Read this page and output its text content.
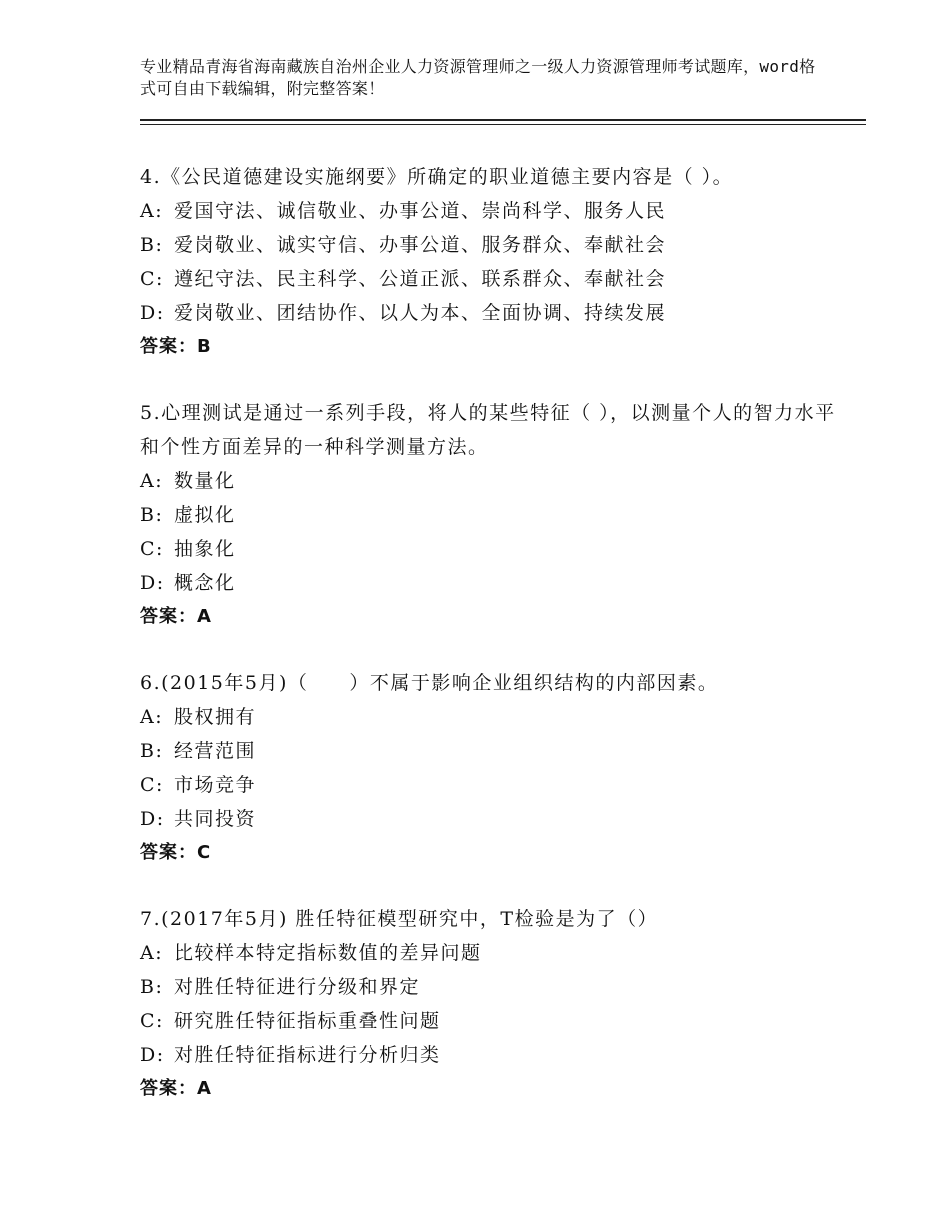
专业精品青海省海南藏族自治州企业人力资源管理师之一级人力资源管理师考试题库，word格式可自由下载编辑，附完整答案！
4.《公民道德建设实施纲要》所确定的职业道德主要内容是（ ）。
A: 爱国守法、诚信敬业、办事公道、崇尚科学、服务人民
B: 爱岗敬业、诚实守信、办事公道、服务群众、奉献社会
C: 遵纪守法、民主科学、公道正派、联系群众、奉献社会
D: 爱岗敬业、团结协作、以人为本、全面协调、持续发展
答案：B
5.心理测试是通过一系列手段，将人的某些特征（ ），以测量个人的智力水平和个性方面差异的一种科学测量方法。
A: 数量化
B: 虚拟化
C: 抽象化
D: 概念化
答案：A
6.(2015年5月)（　　）不属于影响企业组织结构的内部因素。
A: 股权拥有
B: 经营范围
C: 市场竞争
D: 共同投资
答案：C
7.(2017年5月) 胜任特征模型研究中，T检验是为了（）
A: 比较样本特定指标数值的差异问题
B: 对胜任特征进行分级和界定
C: 研究胜任特征指标重叠性问题
D: 对胜任特征指标进行分析归类
答案：A
